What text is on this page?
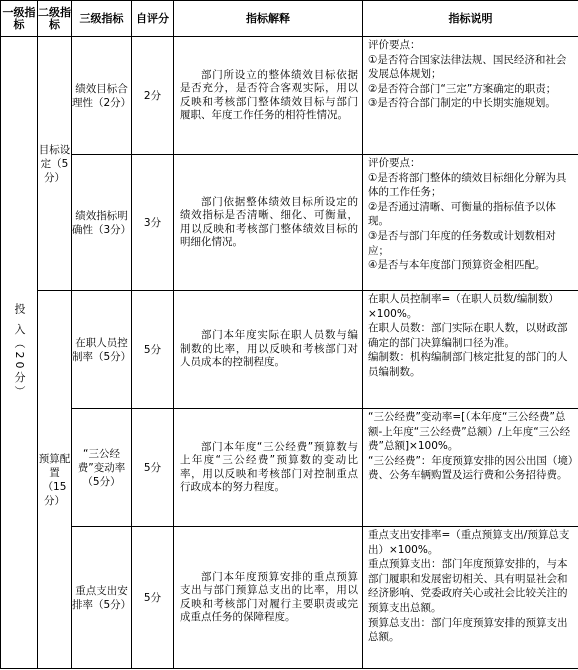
一级指标	二级指标	三级指标	自评分	指标解释	指标说明
投 入（20分）	目标设定（5分）	绩效目标合理性（2分）	2分	部门所设立的整体绩效目标依据是否充分，是否符合客观实际，用以反映和考核部门整体绩效目标与部门履职、年度工作任务的相符性情况。	评价要点：
①是否符合国家法律法规、国民经济和社会发展总体规划；
②是否符合部门“三定”方案确定的职责；
③是否符合部门制定的中长期实施规划。

		绩效指标明确性（3分）	3分	部门依据整体绩效目标所设定的绩效指标是否清晰、细化、可衡量，用以反映和考核部门整体绩效目标的明细化情况。	评价要点：
①是否将部门整体的绩效目标细化分解为具体的工作任务；
②是否通过清晰、可衡量的指标值予以体现。
③是否与部门年度的任务数或计划数相对应；
④是否与本年度部门预算资金相匹配。

	预算配置（15分）	在职人员控制率（5分）	5分	部门本年度实际在职人员数与编制数的比率，用以反映和考核部门对人员成本的控制程度。	在职人员控制率=（在职人员数/编制数）×100%。
在职人员数：部门实际在职人数，以财政部确定的部门决算编制口径为准。
编制数：机构编制部门核定批复的部门的人员编制数。

		“三公经费”变动率（5分）	5分	部门本年度“三公经费”预算数与上年度“三公经费”预算数的变动比率，用以反映和考核部门对控制重点行政成本的努力程度。	“三公经费”变动率=[（本年度“三公经费”总额-上年度“三公经费”总额）/上年度“三公经费”总额]×100%。
“三公经费”：年度预算安排的因公出国（境）费、公务车辆购置及运行费和公务招待费。

		重点支出安排率（5分）	5分	部门本年度预算安排的重点预算支出与部门预算总支出的比率，用以反映和考核部门对履行主要职责或完成重点任务的保障程度。	重点支出安排率=（重点预算支出/预算总支出）×100%。
重点预算支出：部门年度预算安排的，与本部门履职和发展密切相关、具有明显社会和经济影响、党委政府关心或社会比较关注的预算支出总额。
预算总支出：部门年度预算安排的预算支出总额。
